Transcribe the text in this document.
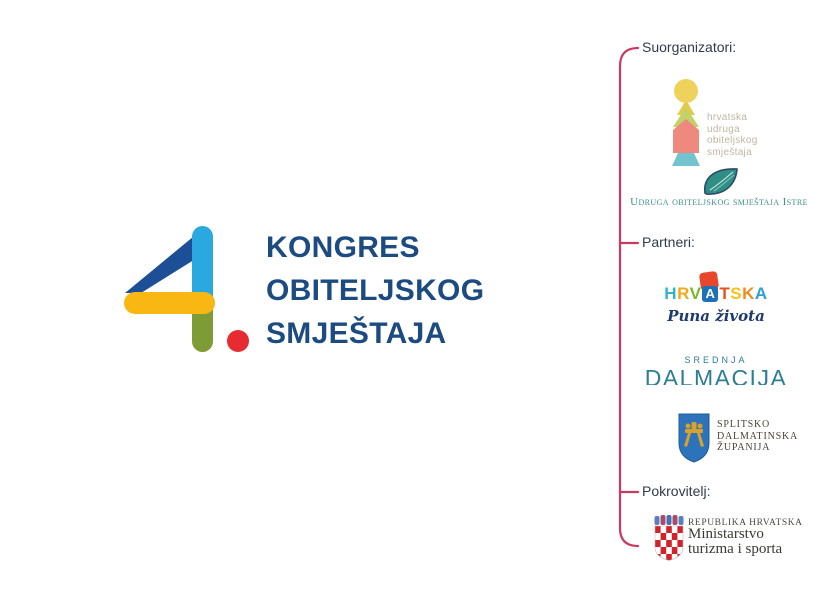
KONGRES
OBITELJSKOG
SMJEŠTAJA
Suorganizatori:
Partneri:
Pokrovitelj:
hrvatska
udruga
obiteljskog
smještaja
Udruga obiteljskog smještaja Istre
HRV A TSKA
Puna života
SREDNJA
DALMACIJA
SPLITSKO
DALMATINSKA
ŽUPANIJA
REPUBLIKA HRVATSKA
Ministarstvo
turizma i sporta
